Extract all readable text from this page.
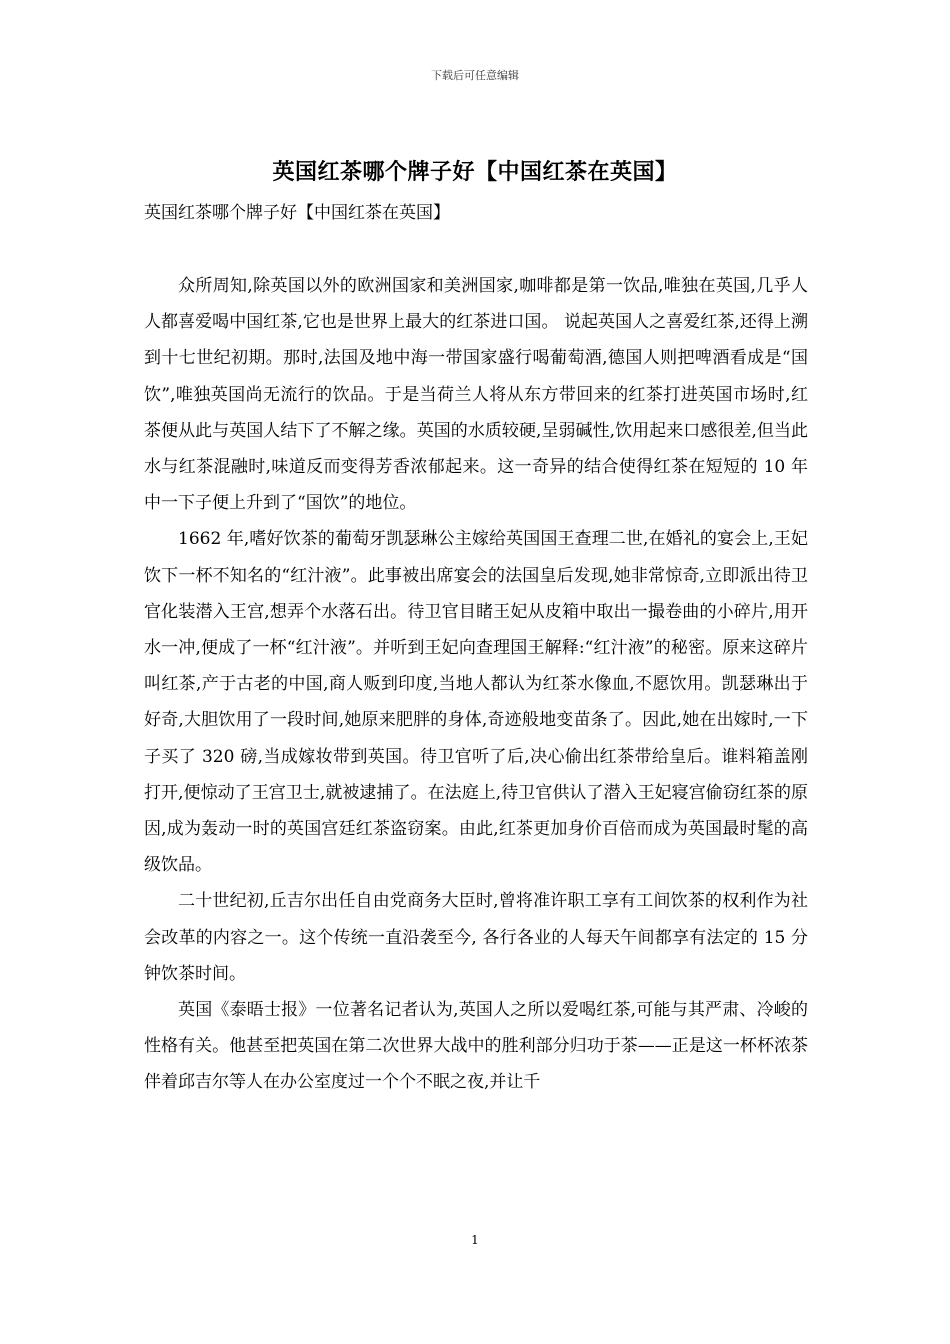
下载后可任意编辑
英国红茶哪个牌子好【中国红茶在英国】
英国红茶哪个牌子好【中国红茶在英国】

众所周知,除英国以外的欧洲国家和美洲国家,咖啡都是第一饮品,唯独在英国,几乎人人都喜爱喝中国红茶,它也是世界上最大的红茶进口国。 说起英国人之喜爱红茶,还得上溯到十七世纪初期。那时,法国及地中海一带国家盛行喝葡萄酒,德国人则把啤酒看成是“国饮”,唯独英国尚无流行的饮品。于是当荷兰人将从东方带回来的红茶打进英国市场时,红茶便从此与英国人结下了不解之缘。英国的水质较硬,呈弱碱性,饮用起来口感很差,但当此水与红茶混融时,味道反而变得芳香浓郁起来。这一奇异的结合使得红茶在短短的 10 年中一下子便上升到了“国饮”的地位。

1662 年,嗜好饮茶的葡萄牙凯瑟琳公主嫁给英国国王查理二世,在婚礼的宴会上,王妃饮下一杯不知名的“红汁液”。此事被出席宴会的法国皇后发现,她非常惊奇,立即派出待卫官化装潜入王宫,想弄个水落石出。待卫官目睹王妃从皮箱中取出一撮卷曲的小碎片,用开水一冲,便成了一杯“红汁液”。并听到王妃向查理国王解释:“红汁液”的秘密。原来这碎片叫红茶,产于古老的中国,商人贩到印度,当地人都认为红茶水像血,不愿饮用。凯瑟琳出于好奇,大胆饮用了一段时间,她原来肥胖的身体,奇迹般地变苗条了。因此,她在出嫁时,一下子买了 320 磅,当成嫁妆带到英国。待卫官听了后,决心偷出红茶带给皇后。谁料箱盖刚打开,便惊动了王宫卫士,就被逮捕了。在法庭上,待卫官供认了潜入王妃寝宫偷窃红茶的原因,成为轰动一时的英国宫廷红茶盗窃案。由此,红茶更加身价百倍而成为英国最时髦的高级饮品。

二十世纪初,丘吉尔出任自由党商务大臣时,曾将准许职工享有工间饮茶的权利作为社会改革的内容之一。这个传统一直沿袭至今, 各行各业的人每天午间都享有法定的 15 分钟饮茶时间。

英国《泰晤士报》一位著名记者认为,英国人之所以爱喝红茶,可能与其严肃、冷峻的性格有关。他甚至把英国在第二次世界大战中的胜利部分归功于茶——正是这一杯杯浓茶伴着邱吉尔等人在办公室度过一个个不眠之夜,并让千

1
